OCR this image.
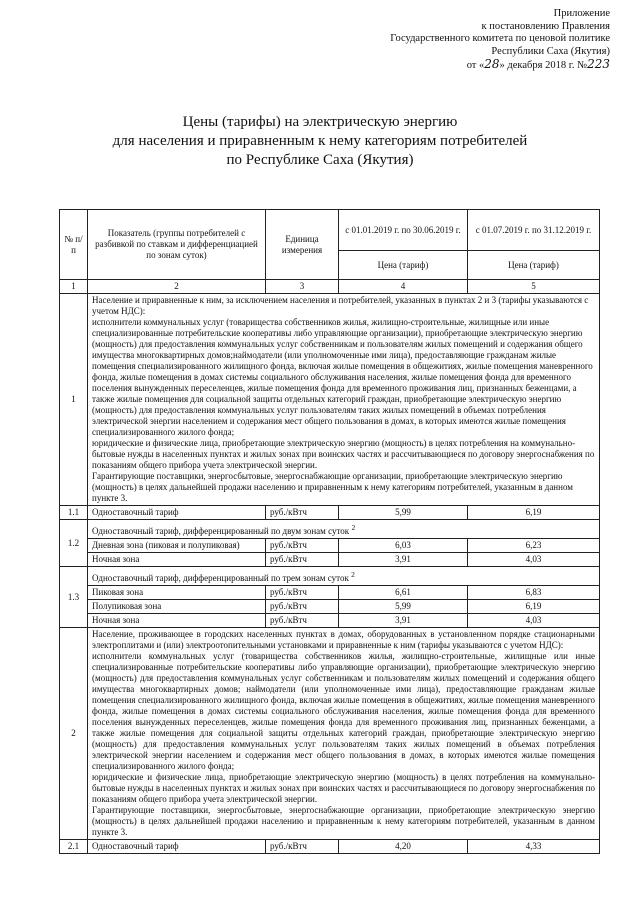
Приложение
к постановлению Правления
Государственного комитета по ценовой политике
Республики Саха (Якутия)
от «28» декабря 2018 г. №223
Цены (тарифы) на электрическую энергию
для населения и приравненным к нему категориям потребителей
по Республике Саха (Якутия)
№ п/п	Показатель (группы потребителей с разбивкой по ставкам и дифференциацией по зонам суток)	Единица измерения	с 01.01.2019 г. по 30.06.2019 г.	с 01.07.2019 г. по 31.12.2019 г.
			Цена (тариф)	Цена (тариф)
1	2	3	4	5
1	Население и приравненные к ним, за исключением населения и потребителей, указанных в пунктах 2 и 3 (тарифы указываются с учетом НДС):
исполнители коммунальных услуг (товарищества собственников жилья, жилищно-строительные, жилищные или иные специализированные потребительские кооперативы либо управляющие организации), приобретающие электрическую энергию (мощность) для предоставления коммунальных услуг собственникам и пользователям жилых помещений и содержания общего имущества многоквартирных домов;наймодатели (или уполномоченные ими лица), предоставляющие гражданам жилые помещения специализированного жилищного фонда, включая жилые помещения в общежитиях, жилые помещения маневренного фонда, жилые помещения в домах системы социального обслуживания населения, жилые помещения фонда для временного поселения вынужденных переселенцев, жилые помещения фонда для временного проживания лиц, признанных беженцами, а также жилые помещения для социальной защиты отдельных категорий граждан, приобретающие электрическую энергию (мощность) для предоставления коммунальных услуг пользователям таких жилых помещений в объемах потребления электрической энергии населением и содержания мест общего пользования в домах, в которых имеются жилые помещения специализированного жилого фонда;
юридические и физические лица, приобретающие электрическую энергию (мощность) в целях потребления на коммунально-бытовые нужды в населенных пунктах и жилых зонах при воинских частях и рассчитывающиеся по договору энергоснабжения по показаниям общего прибора учета электрической энергии.
Гарантирующие поставщики, энергосбытовые, энергоснабжающие организации, приобретающие электрическую энергию (мощность) в целях дальнейшей продажи населению и приравненным к нему категориям потребителей, указанным в данном пункте 3.			

1.1	Одноставочный тариф	руб./кВтч	5,99	6,19
1.2	Одноставочный тариф, дифференцированный по двум зонам суток $^2$
	Дневная зона (пиковая и полупиковая)	руб./кВтч	6,03	6,23
	Ночная зона	руб./кВтч	3,91	4,03
1.3	Одноставочный тариф, дифференцированный по трем зонам суток $^2$
	Пиковая зона	руб./кВтч	6,61	6,83
	Полупиковая зона	руб./кВтч	5,99	6,19
	Ночная зона	руб./кВтч	3,91	4,03
2	Население, проживающее в городских населенных пунктах в домах, оборудованных в установленном порядке стационарными электроплитами и (или) электроотопительными установками и приравненные к ним (тарифы указываются с учетом НДС):
исполнители коммунальных услуг (товарищества собственников жилья, жилищно-строительные, жилищные или иные специализированные потребительские кооперативы либо управляющие организации), приобретающие электрическую энергию (мощность) для предоставления коммунальных услуг собственникам и пользователям жилых помещений и содержания общего имущества многоквартирных домов; наймодатели (или уполномоченные ими лица), предоставляющие гражданам жилые помещения специализированного жилищного фонда, включая жилые помещения в общежитиях, жилые помещения маневренного фонда, жилые помещения в домах системы социального обслуживания населения, жилые помещения фонда для временного поселения вынужденных переселенцев, жилые помещения фонда для временного проживания лиц, признанных беженцами, а также жилые помещения для социальной защиты отдельных категорий граждан, приобретающие электрическую энергию (мощность) для предоставления коммунальных услуг пользователям таких жилых помещений в объемах потребления электрической энергии населением и содержания мест общего пользования в домах, в которых имеются жилые помещения специализированного жилого фонда;
юридические и физические лица, приобретающие электрическую энергию (мощность) в целях потребления на коммунально-бытовые нужды в населенных пунктах и жилых зонах при воинских частях и рассчитывающиеся по договору энергоснабжения по показаниям общего прибора учета электрической энергии.
Гарантирующие поставщики, энергосбытовые, энергоснабжающие организации, приобретающие электрическую энергию (мощность) в целях дальнейшей продажи населению и приравненным к нему категориям потребителей, указанным в данном пункте 3.			

2.1	Одноставочный тариф	руб./кВтч	4,20	4,33
